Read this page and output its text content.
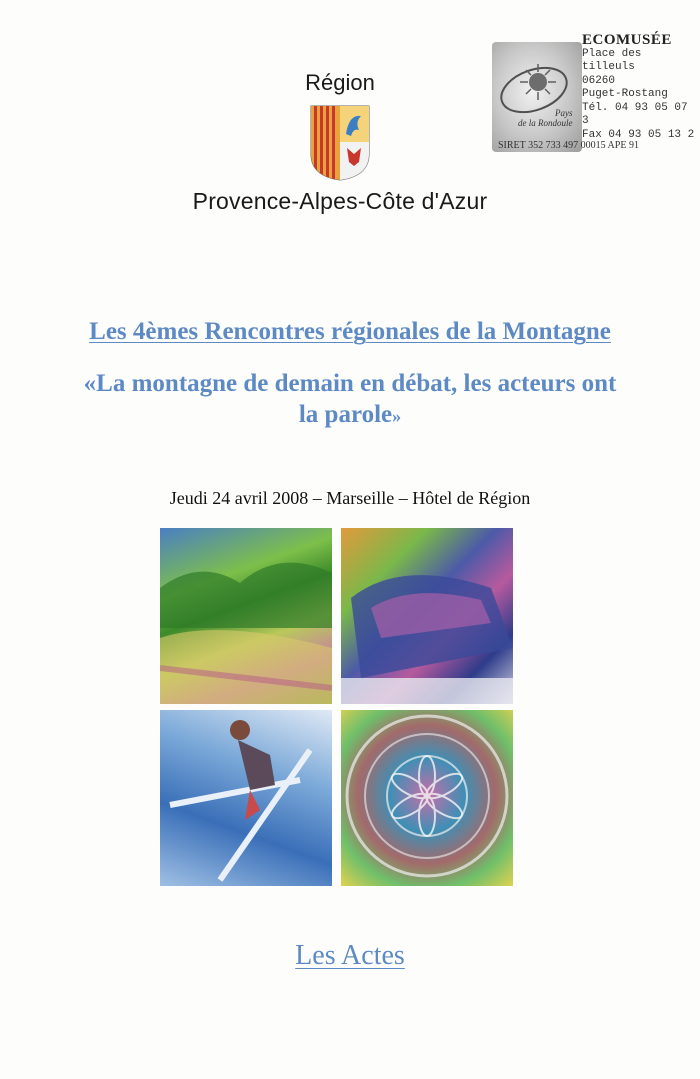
Région
Provence-Alpes-Côte d'Azur
Pays
de la Rondoule
ECOMUSÉE
Place des tilleuls
06260
Puget-Rostang
Tél. 04 93 05 07 3
Fax 04 93 05 13 2
SIRET 352 733 497 00015 APE 91
Les 4èmes Rencontres régionales de la Montagne
«La montagne de demain en débat, les acteurs ont
la parole»
Jeudi 24 avril 2008 – Marseille – Hôtel de Région
Les Actes
